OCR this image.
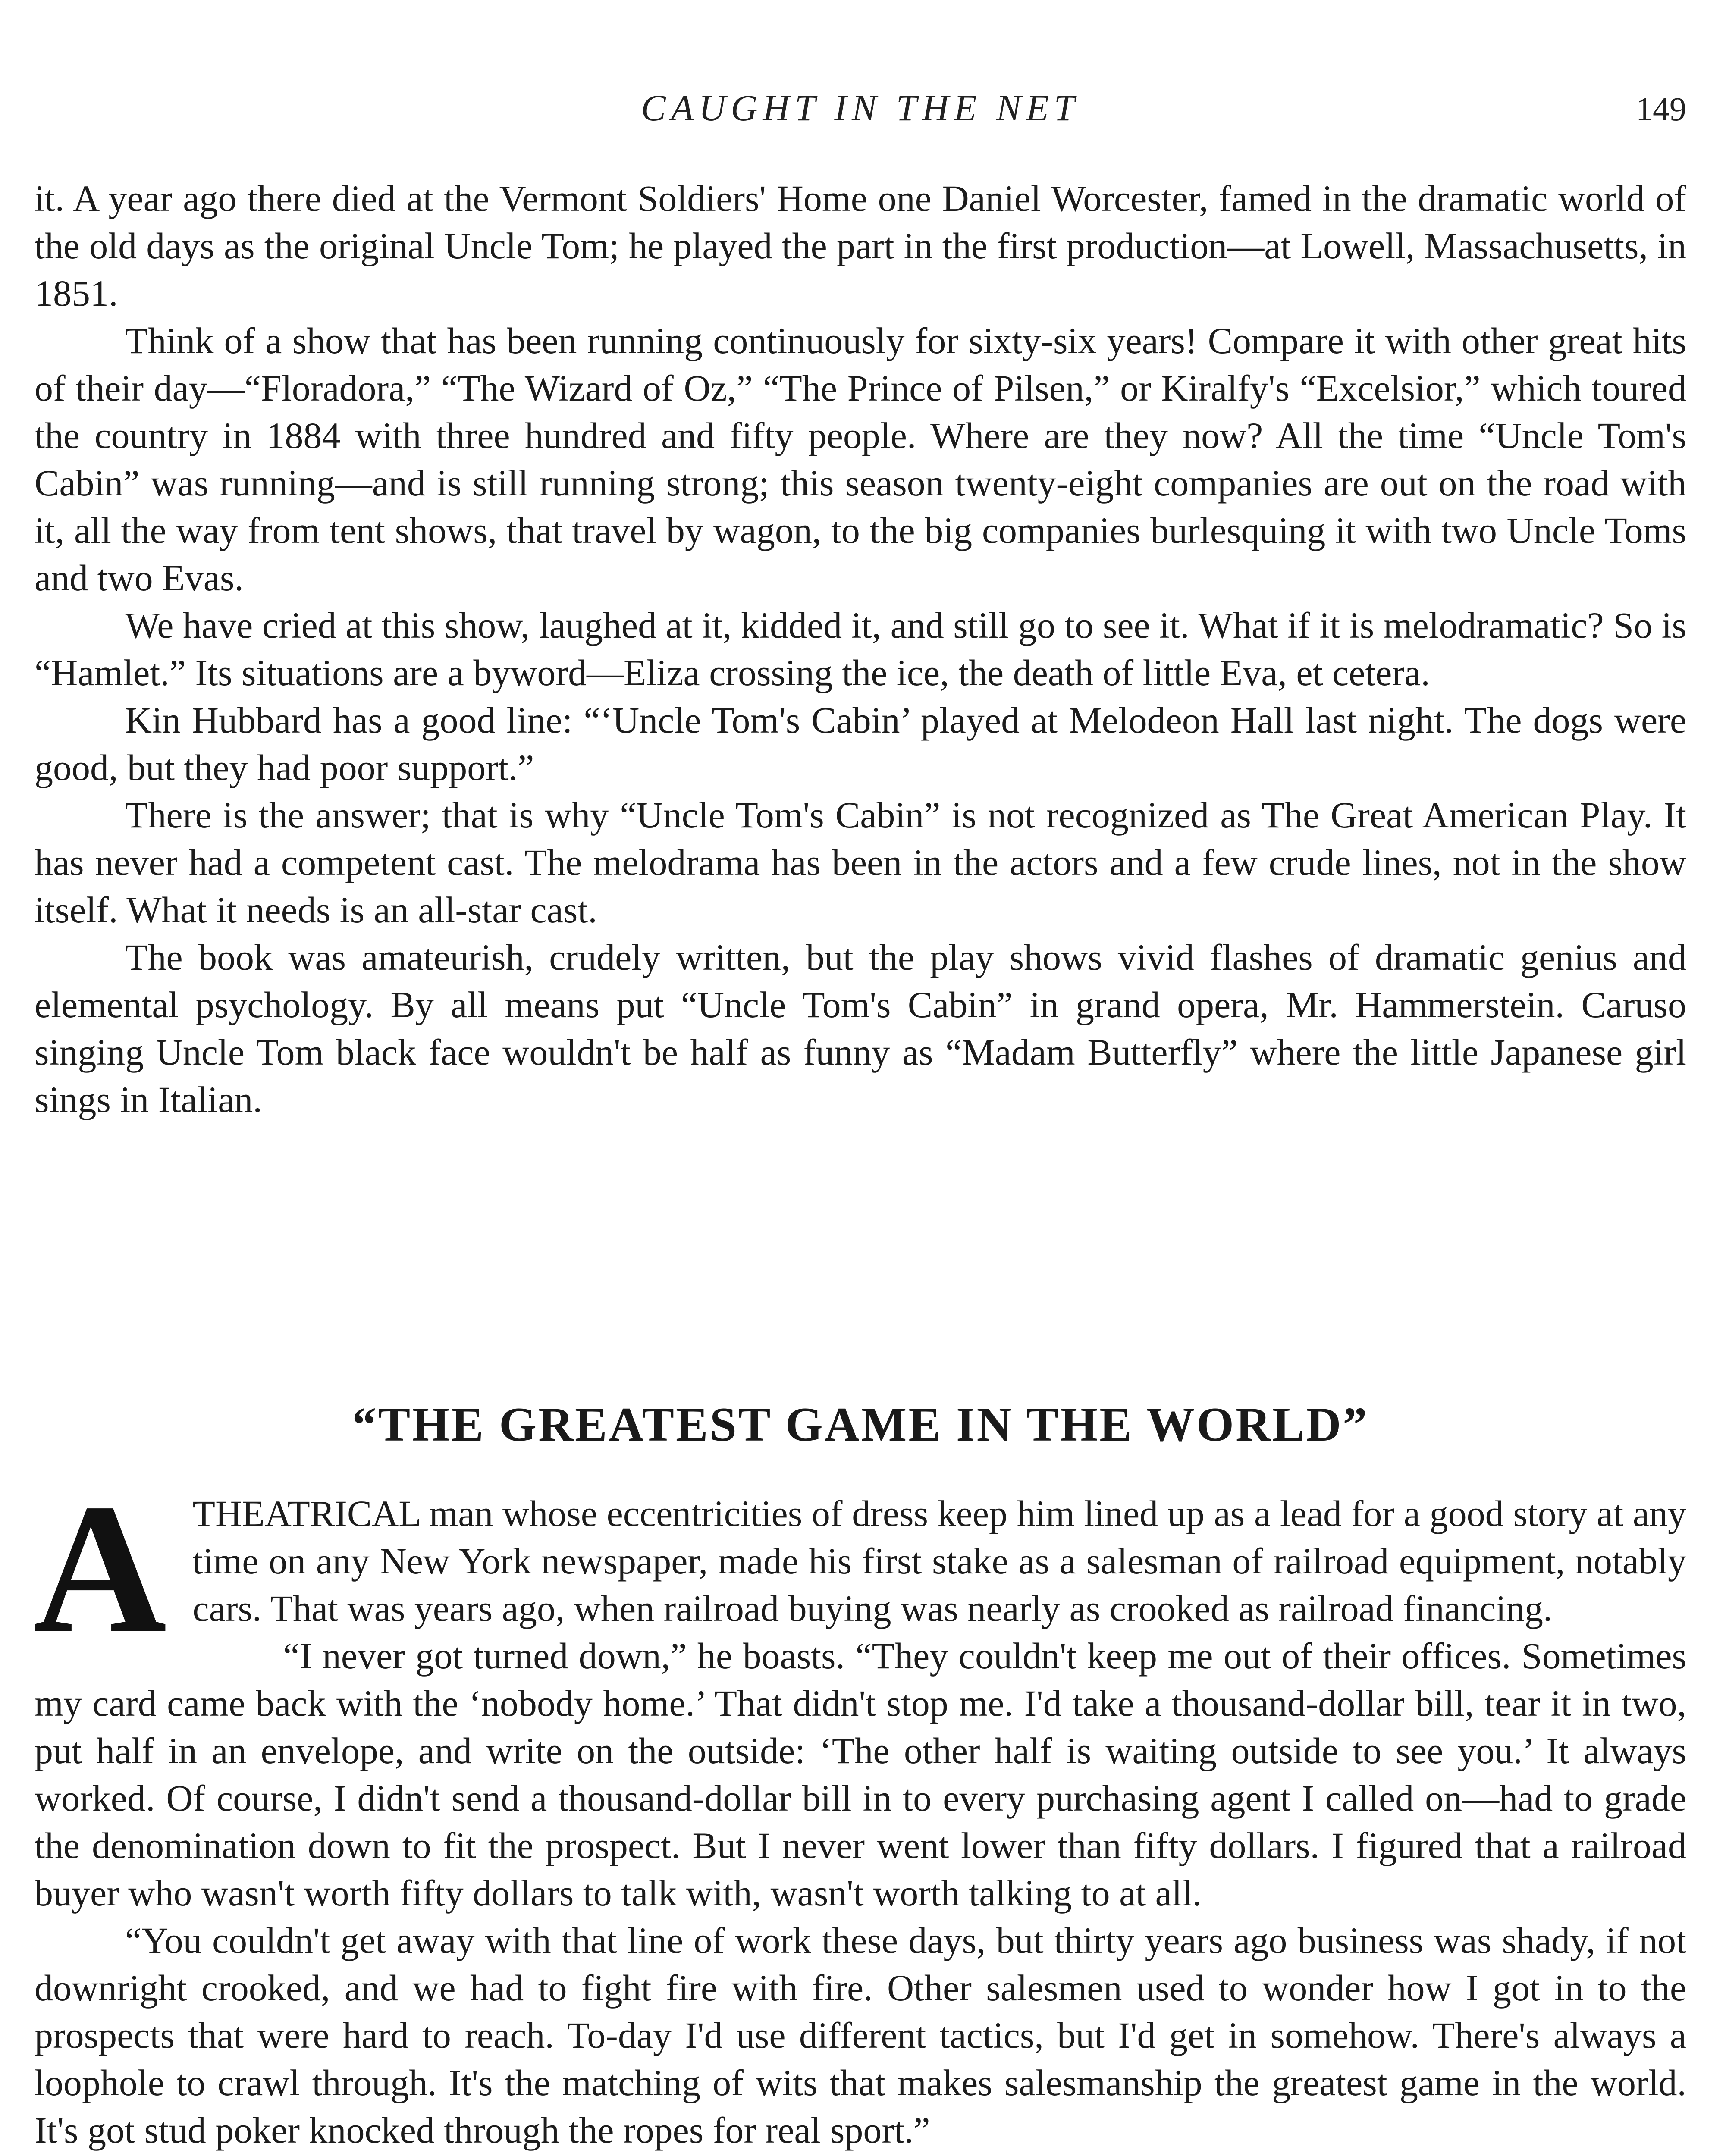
CAUGHT IN THE NET	149

it. A year ago there died at the Vermont Soldiers' Home one Daniel Worcester, famed in the dramatic world of the old days as the original Uncle Tom; he played the part in the first production—at Lowell, Massachusetts, in 1851.

Think of a show that has been running continuously for sixty-six years! Compare it with other great hits of their day—“Floradora,” “The Wizard of Oz,” “The Prince of Pilsen,” or Kiralfy's “Excelsior,” which toured the country in 1884 with three hundred and fifty people. Where are they now? All the time “Uncle Tom's Cabin” was running—and is still running strong; this season twenty-eight companies are out on the road with it, all the way from tent shows, that travel by wagon, to the big companies burlesquing it with two Uncle Toms and two Evas.

We have cried at this show, laughed at it, kidded it, and still go to see it. What if it is melodramatic? So is “Hamlet.” Its situations are a byword—Eliza crossing the ice, the death of little Eva, et cetera.

Kin Hubbard has a good line: “‘Uncle Tom's Cabin’ played at Melodeon Hall last night. The dogs were good, but they had poor support.”

There is the answer; that is why “Uncle Tom's Cabin” is not recognized as The Great American Play. It has never had a competent cast. The melodrama has been in the actors and a few crude lines, not in the show itself. What it needs is an all-star cast.

The book was amateurish, crudely written, but the play shows vivid flashes of dramatic genius and elemental psychology. By all means put “Uncle Tom's Cabin” in grand opera, Mr. Hammerstein. Caruso singing Uncle Tom black face wouldn't be half as funny as “Madam Butterfly” where the little Japanese girl sings in Italian.

“THE GREATEST GAME IN THE WORLD”
A THEATRICAL man whose eccentricities of dress keep him lined up as a lead for a good story at any time on any New York newspaper, made his first stake as a salesman of railroad equipment, notably cars. That was years ago, when railroad buying was nearly as crooked as railroad financing.

“I never got turned down,” he boasts. “They couldn't keep me out of their offices. Sometimes my card came back with the ‘nobody home.’ That didn't stop me. I'd take a thousand-dollar bill, tear it in two, put half in an envelope, and write on the outside: ‘The other half is waiting outside to see you.’ It always worked. Of course, I didn't send a thousand-dollar bill in to every purchasing agent I called on—had to grade the denomination down to fit the prospect. But I never went lower than fifty dollars. I figured that a railroad buyer who wasn't worth fifty dollars to talk with, wasn't worth talking to at all.

“You couldn't get away with that line of work these days, but thirty years ago business was shady, if not downright crooked, and we had to fight fire with fire. Other salesmen used to wonder how I got in to the prospects that were hard to reach. To-day I'd use different tactics, but I'd get in somehow. There's always a loophole to crawl through. It's the matching of wits that makes salesmanship the greatest game in the world. It's got stud poker knocked through the ropes for real sport.”
